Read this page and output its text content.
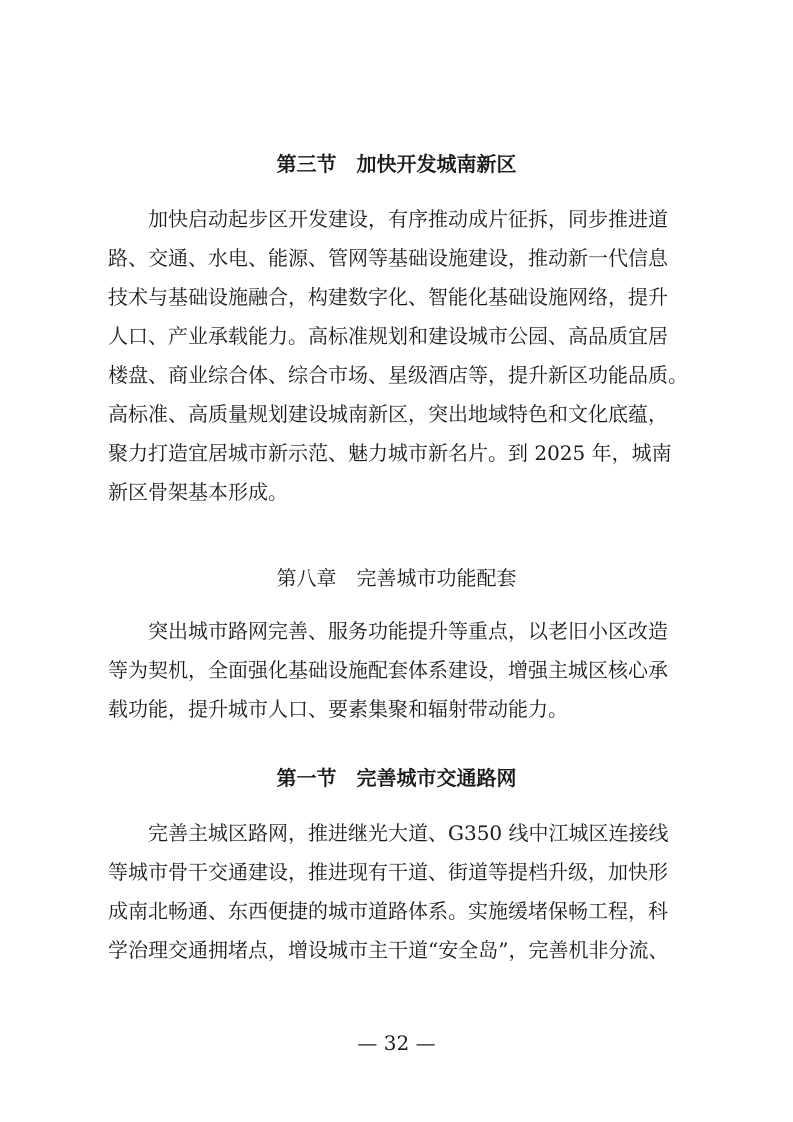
第三节　加快开发城南新区
加快启动起步区开发建设，有序推动成片征拆，同步推进道
路、交通、水电、能源、管网等基础设施建设，推动新一代信息
技术与基础设施融合，构建数字化、智能化基础设施网络，提升
人口、产业承载能力。高标准规划和建设城市公园、高品质宜居
楼盘、商业综合体、综合市场、星级酒店等，提升新区功能品质。
高标准、高质量规划建设城南新区，突出地域特色和文化底蕴，
聚力打造宜居城市新示范、魅力城市新名片。到 2025 年，城南
新区骨架基本形成。
第八章　完善城市功能配套
突出城市路网完善、服务功能提升等重点，以老旧小区改造
等为契机，全面强化基础设施配套体系建设，增强主城区核心承
载功能，提升城市人口、要素集聚和辐射带动能力。
第一节　完善城市交通路网
完善主城区路网，推进继光大道、G350 线中江城区连接线
等城市骨干交通建设，推进现有干道、街道等提档升级，加快形
成南北畅通、东西便捷的城市道路体系。实施缓堵保畅工程，科
学治理交通拥堵点，增设城市主干道“安全岛”，完善机非分流、
— 32 —
